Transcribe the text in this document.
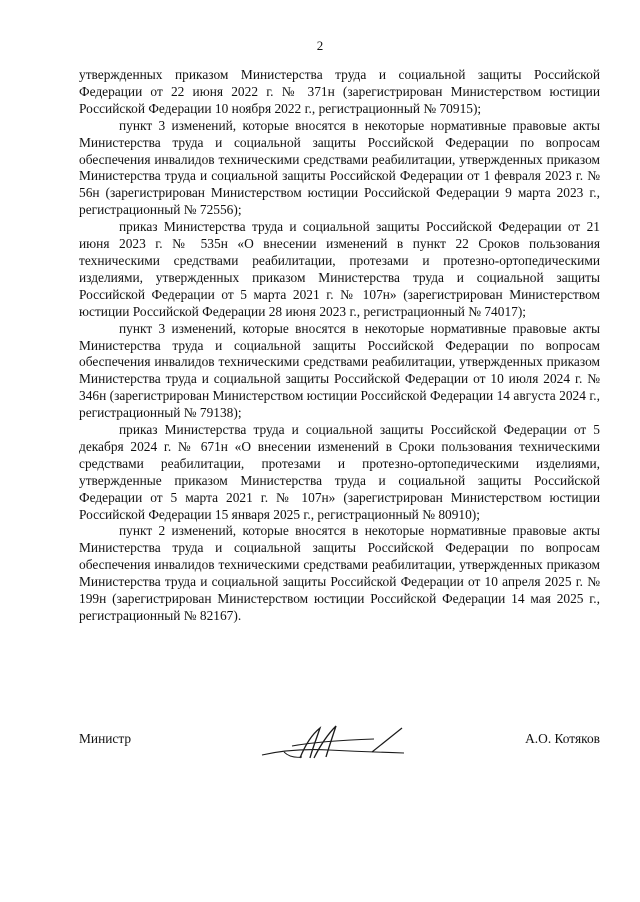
2

утвержденных приказом Министерства труда и социальной защиты Российской Федерации от 22 июня 2022 г. № 371н (зарегистрирован Министерством юстиции Российской Федерации 10 ноября 2022 г., регистрационный № 70915);

пункт 3 изменений, которые вносятся в некоторые нормативные правовые акты Министерства труда и социальной защиты Российской Федерации по вопросам обеспечения инвалидов техническими средствами реабилитации, утвержденных приказом Министерства труда и социальной защиты Российской Федерации от 1 февраля 2023 г. № 56н (зарегистрирован Министерством юстиции Российской Федерации 9 марта 2023 г., регистрационный № 72556);

приказ Министерства труда и социальной защиты Российской Федерации от 21 июня 2023 г. № 535н «О внесении изменений в пункт 22 Сроков пользования техническими средствами реабилитации, протезами и протезно-ортопедическими изделиями, утвержденных приказом Министерства труда и социальной защиты Российской Федерации от 5 марта 2021 г. № 107н» (зарегистрирован Министерством юстиции Российской Федерации 28 июня 2023 г., регистрационный № 74017);

пункт 3 изменений, которые вносятся в некоторые нормативные правовые акты Министерства труда и социальной защиты Российской Федерации по вопросам обеспечения инвалидов техническими средствами реабилитации, утвержденных приказом Министерства труда и социальной защиты Российской Федерации от 10 июля 2024 г. № 346н (зарегистрирован Министерством юстиции Российской Федерации 14 августа 2024 г., регистрационный № 79138);

приказ Министерства труда и социальной защиты Российской Федерации от 5 декабря 2024 г. № 671н «О внесении изменений в Сроки пользования техническими средствами реабилитации, протезами и протезно-ортопедическими изделиями, утвержденные приказом Министерства труда и социальной защиты Российской Федерации от 5 марта 2021 г. № 107н» (зарегистрирован Министерством юстиции Российской Федерации 15 января 2025 г., регистрационный № 80910);

пункт 2 изменений, которые вносятся в некоторые нормативные правовые акты Министерства труда и социальной защиты Российской Федерации по вопросам обеспечения инвалидов техническими средствами реабилитации, утвержденных приказом Министерства труда и социальной защиты Российской Федерации от 10 апреля 2025 г. № 199н (зарегистрирован Министерством юстиции Российской Федерации 14 мая 2025 г., регистрационный № 82167).

Министр	А.О. Котяков
